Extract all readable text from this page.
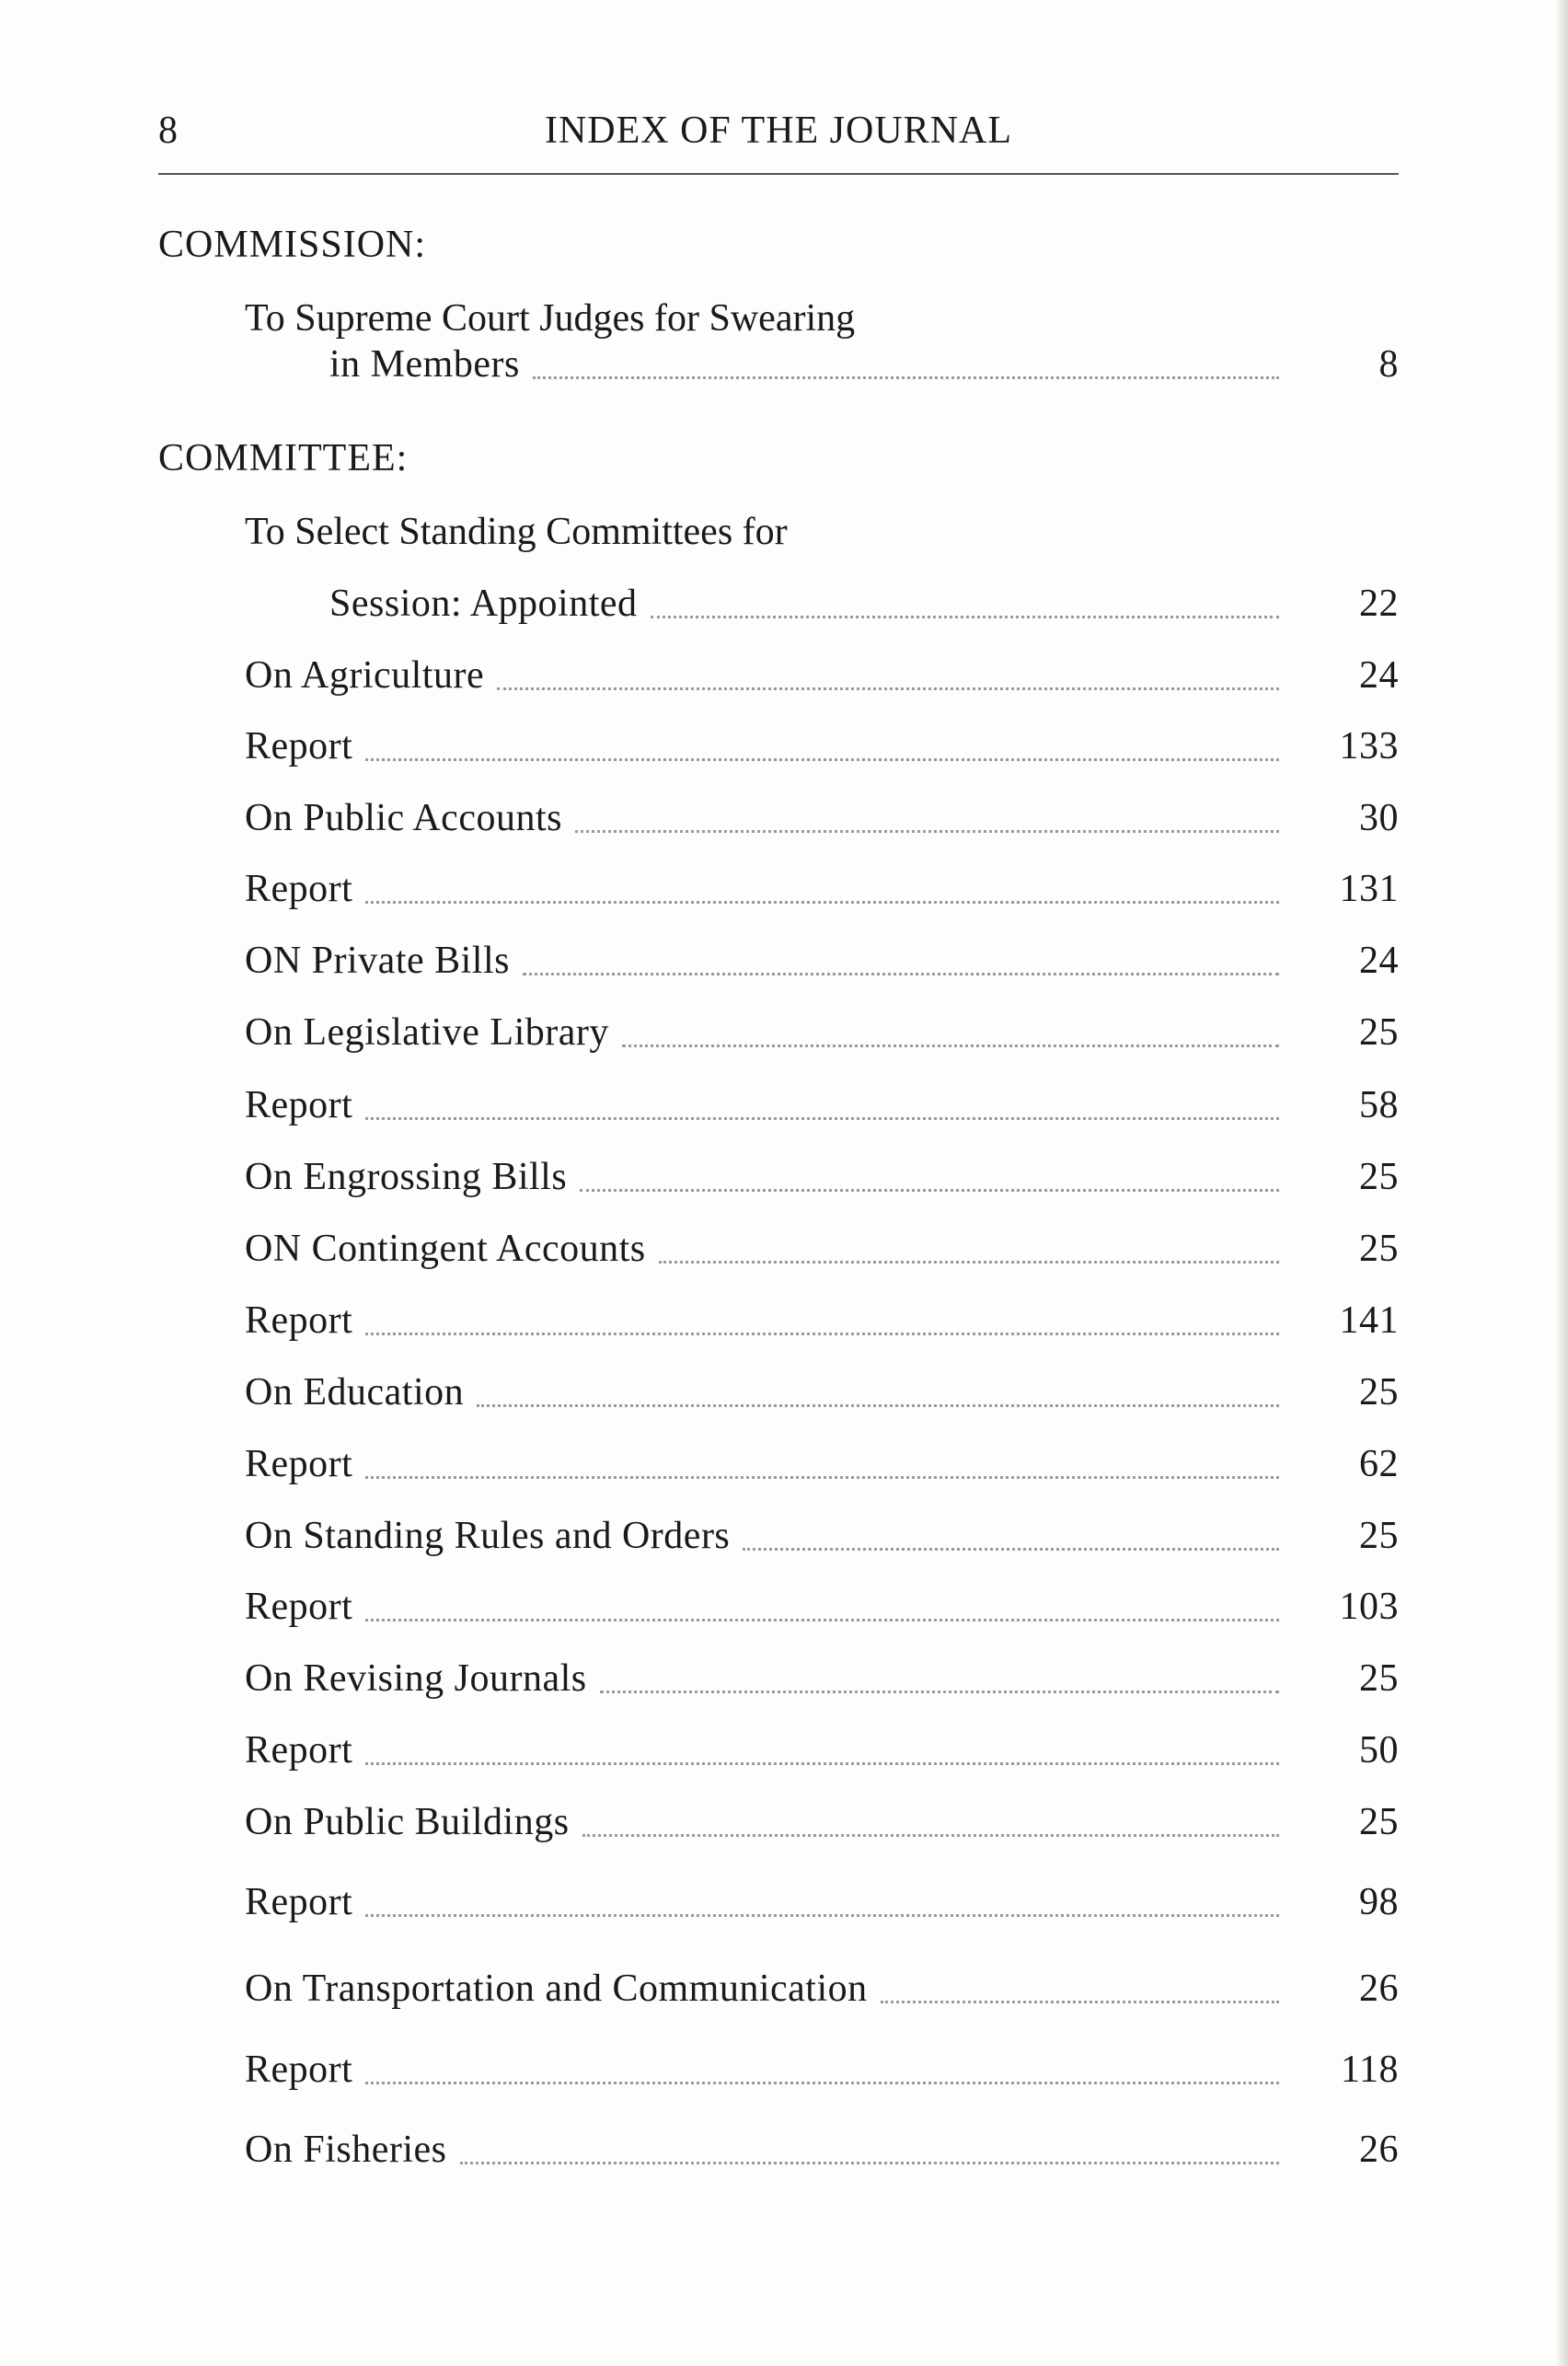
8	INDEX OF THE JOURNAL
COMMISSION:
To Supreme Court Judges for Swearing
in Members	8
COMMITTEE:
To Select Standing Committees for
Session: Appointed	22
On Agriculture	24
Report	133
On Public Accounts	30
Report	131
ON Private Bills	24
On Legislative Library	25
Report	58
On Engrossing Bills	25
ON Contingent Accounts	25
Report	141
On Education	25
Report	62
On Standing Rules and Orders	25
Report	103
On Revising Journals	25
Report	50
On Public Buildings	25
Report	98
On Transportation and Communication	26
Report	118
On Fisheries	26
